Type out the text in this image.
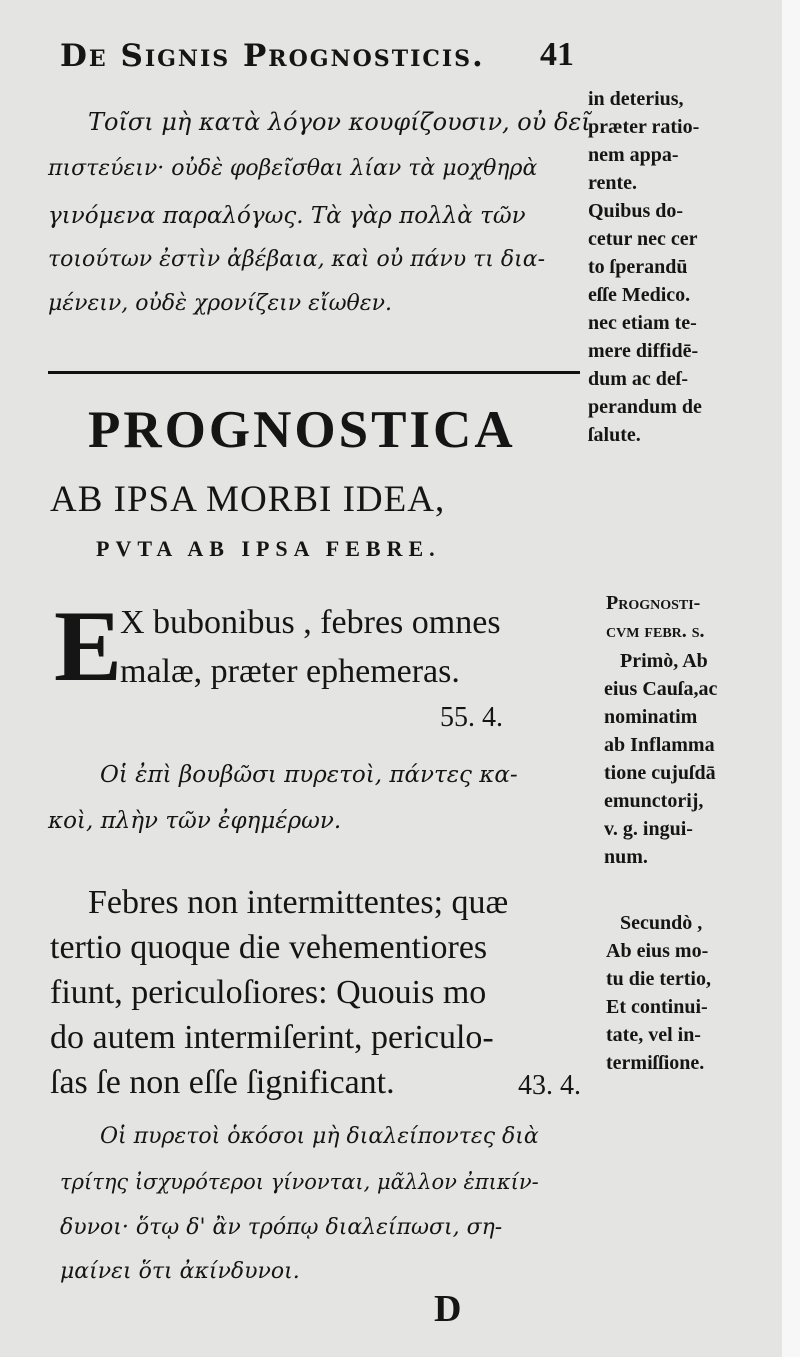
De Signis Prognosticis. 41
Τοῖσι μὴ κατὰ λόγον κουφίζουσιν, οὐ δεῖ
πιστεύειν· οὐδὲ φοβεῖσθαι λίαν τὰ μοχθηρὰ
γινόμενα παραλόγως. Τὰ γὰρ πολλὰ τῶν
τοιούτων ἐστὶν ἀβέβαια, καὶ οὐ πάνυ τι δια-
μένειν, οὐδὲ χρονίζειν εἴωθεν.
in deterius,
præter ratio-
nem appa-
rente.
Quibus do-
cetur nec cer
to ſperandū
eſſe Medico.
nec etiam te-
mere diffidē-
dum ac deſ-
perandum de
ſalute.
PROGNOSTICA
AB IPSA MORBI IDEA,
PVTA AB IPSA FEBRE.
E
X bubonibus , febres omnes
malæ, præter ephemeras.
55. 4.
Οἱ ἐπὶ βουβῶσι πυρετοὶ, πάντες κα-
κοὶ, πλὴν τῶν ἐφημέρων.
Prognosti-
cvm febr. s.
Primò, Ab
eius Cauſa,ac
nominatim
ab Inflamma
tione cujuſdā
emunctorij,
v. g. ingui-
num.
Febres non intermittentes; quæ
tertio quoque die vehementiores
fiunt, periculoſiores: Quouis mo
do autem intermiſerint, periculo-
ſas ſe non eſſe ſignificant.	43. 4.
Secundò ,
Ab eius mo-
tu die tertio,
Et continui-
tate, vel in-
termiſſione.
Οἱ πυρετοὶ ὁκόσοι μὴ διαλείποντες διὰ
τρίτης ἰσχυρότεροι γίνονται, μᾶλλον ἐπικίν-
δυνοι· ὅτῳ δ' ἂν τρόπῳ διαλείπωσι, ση-
μαίνει ὅτι ἀκίνδυνοι.
D
